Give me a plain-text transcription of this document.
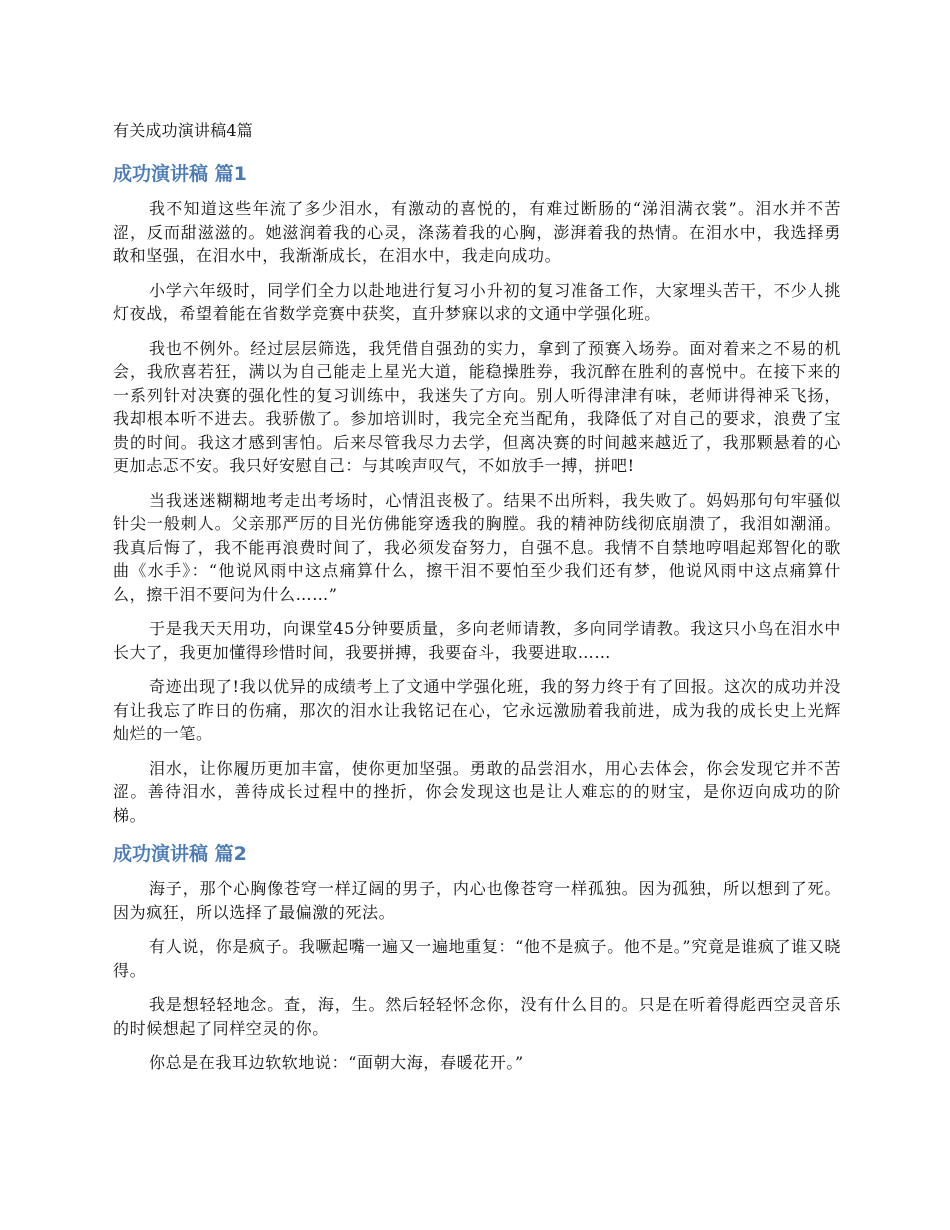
有关成功演讲稿4篇
成功演讲稿 篇1

我不知道这些年流了多少泪水，有激动的喜悦的，有难过断肠的“涕泪满衣裳”。泪水并不苦涩，反而甜滋滋的。她滋润着我的心灵，涤荡着我的心胸，澎湃着我的热情。在泪水中，我选择勇敢和坚强，在泪水中，我渐渐成长，在泪水中，我走向成功。

小学六年级时，同学们全力以赴地进行复习小升初的复习准备工作，大家埋头苦干，不少人挑灯夜战，希望着能在省数学竞赛中获奖，直升梦寐以求的文通中学强化班。

我也不例外。经过层层筛选，我凭借自强劲的实力，拿到了预赛入场券。面对着来之不易的机会，我欣喜若狂，满以为自己能走上星光大道，能稳操胜券，我沉醉在胜利的喜悦中。在接下来的一系列针对决赛的强化性的复习训练中，我迷失了方向。别人听得津津有味，老师讲得神采飞扬，我却根本听不进去。我骄傲了。参加培训时，我完全充当配角，我降低了对自己的要求，浪费了宝贵的时间。我这才感到害怕。后来尽管我尽力去学，但离决赛的时间越来越近了，我那颗悬着的心更加忐忑不安。我只好安慰自己：与其唉声叹气，不如放手一搏，拼吧!

当我迷迷糊糊地考走出考场时，心情沮丧极了。结果不出所料，我失败了。妈妈那句句牢骚似针尖一般刺人。父亲那严厉的目光仿佛能穿透我的胸膛。我的精神防线彻底崩溃了，我泪如潮涌。我真后悔了，我不能再浪费时间了，我必须发奋努力，自强不息。我情不自禁地哼唱起郑智化的歌曲《水手》：“他说风雨中这点痛算什么，擦干泪不要怕至少我们还有梦，他说风雨中这点痛算什么，擦干泪不要问为什么……”

于是我天天用功，向课堂45分钟要质量，多向老师请教，多向同学请教。我这只小鸟在泪水中长大了，我更加懂得珍惜时间，我要拼搏，我要奋斗，我要进取……

奇迹出现了!我以优异的成绩考上了文通中学强化班，我的努力终于有了回报。这次的成功并没有让我忘了昨日的伤痛，那次的泪水让我铭记在心，它永远激励着我前进，成为我的成长史上光辉灿烂的一笔。

泪水，让你履历更加丰富，使你更加坚强。勇敢的品尝泪水，用心去体会，你会发现它并不苦涩。善待泪水，善待成长过程中的挫折，你会发现这也是让人难忘的的财宝，是你迈向成功的阶梯。

成功演讲稿 篇2

海子，那个心胸像苍穹一样辽阔的男子，内心也像苍穹一样孤独。因为孤独，所以想到了死。因为疯狂，所以选择了最偏激的死法。

有人说，你是疯子。我噘起嘴一遍又一遍地重复：“他不是疯子。他不是。”究竟是谁疯了谁又晓得。

我是想轻轻地念。査，海，生。然后轻轻怀念你，没有什么目的。只是在听着得彪西空灵音乐的时候想起了同样空灵的你。

你总是在我耳边软软地说：“面朝大海，春暖花开。”
